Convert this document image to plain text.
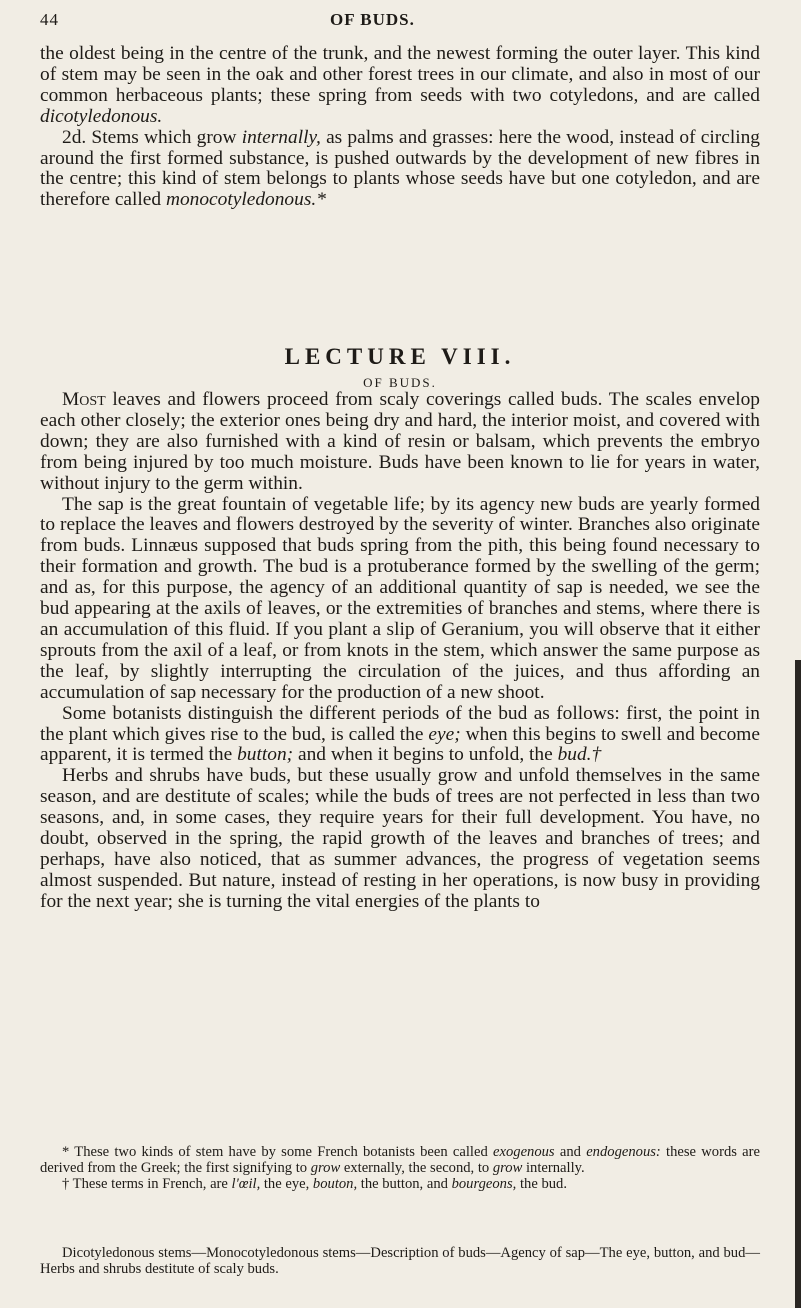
44	OF BUDS.

the oldest being in the centre of the trunk, and the newest forming the outer layer. This kind of stem may be seen in the oak and other forest trees in our climate, and also in most of our common herbaceous plants; these spring from seeds with two cotyledons, and are called dicotyledonous.

2d. Stems which grow internally, as palms and grasses: here the wood, instead of circling around the first formed substance, is pushed outwards by the development of new fibres in the centre; this kind of stem belongs to plants whose seeds have but one cotyledon, and are therefore called monocotyledonous.*

LECTURE VIII.
OF BUDS.

Most leaves and flowers proceed from scaly coverings called buds. The scales envelop each other closely; the exterior ones being dry and hard, the interior moist, and covered with down; they are also furnished with a kind of resin or balsam, which prevents the embryo from being injured by too much moisture. Buds have been known to lie for years in water, without injury to the germ within.

The sap is the great fountain of vegetable life; by its agency new buds are yearly formed to replace the leaves and flowers destroyed by the severity of winter. Branches also originate from buds. Linnæus supposed that buds spring from the pith, this being found necessary to their formation and growth. The bud is a protuberance formed by the swelling of the germ; and as, for this purpose, the agency of an additional quantity of sap is needed, we see the bud appearing at the axils of leaves, or the extremities of branches and stems, where there is an accumulation of this fluid. If you plant a slip of Geranium, you will observe that it either sprouts from the axil of a leaf, or from knots in the stem, which answer the same purpose as the leaf, by slightly interrupting the circulation of the juices, and thus affording an accumulation of sap necessary for the production of a new shoot.

Some botanists distinguish the different periods of the bud as follows: first, the point in the plant which gives rise to the bud, is called the eye; when this begins to swell and become apparent, it is termed the button; and when it begins to unfold, the bud.†

Herbs and shrubs have buds, but these usually grow and unfold themselves in the same season, and are destitute of scales; while the buds of trees are not perfected in less than two seasons, and, in some cases, they require years for their full development. You have, no doubt, observed in the spring, the rapid growth of the leaves and branches of trees; and perhaps, have also noticed, that as summer advances, the progress of vegetation seems almost suspended. But nature, instead of resting in her operations, is now busy in providing for the next year; she is turning the vital energies of the plants to

* These two kinds of stem have by some French botanists been called exogenous and endogenous: these words are derived from the Greek; the first signifying to grow externally, the second, to grow internally.

† These terms in French, are l'œil, the eye, bouton, the button, and bourgeons, the bud.

Dicotyledonous stems—Monocotyledonous stems—Description of buds—Agency of sap—The eye, button, and bud—Herbs and shrubs destitute of scaly buds.
